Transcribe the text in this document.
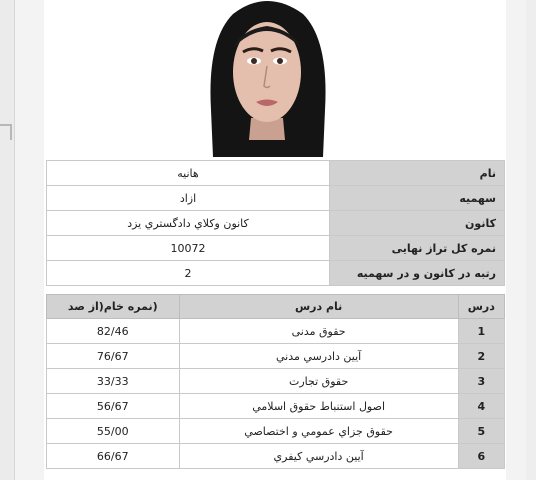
نام	هانیه
سهمیه	ازاد
کانون	کانون وکلاي دادگستري يزد
نمره کل تراز نهایی	10072
رتبه در کانون و در سهمیه	2
درس	نام درس	(نمره خام(از صد
1	حقوق مدنی	82/46
2	آيين دادرسي مدني	76/67
3	حقوق تجارت	33/33
4	اصول استنباط حقوق اسلامي	56/67
5	حقوق جزاي عمومي و اختصاصي	55/00
6	آيين دادرسي كيفري	66/67
